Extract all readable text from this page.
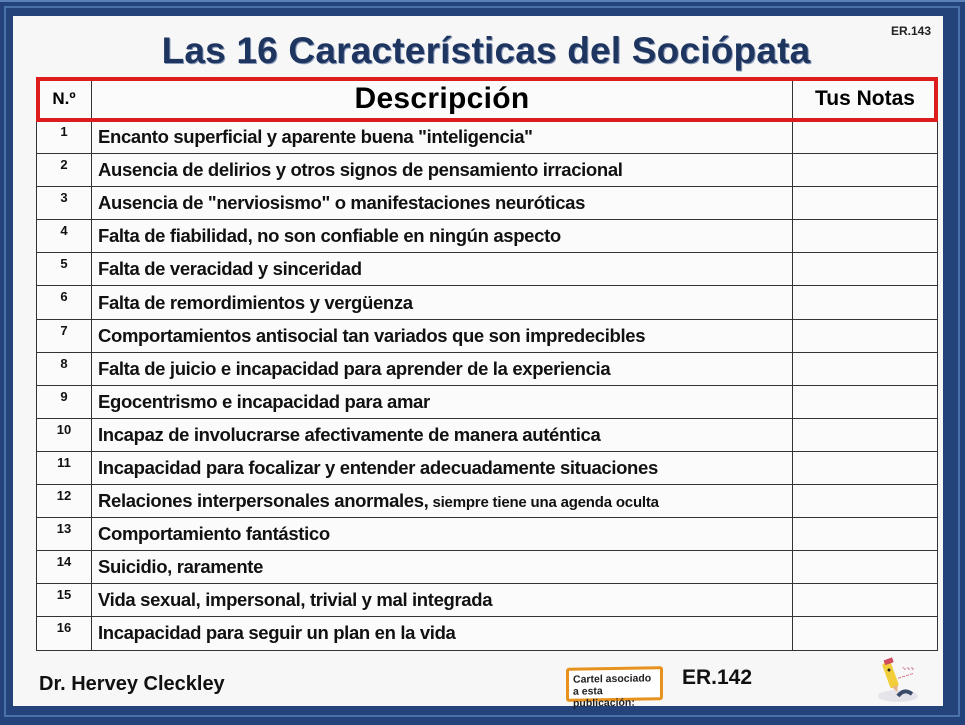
Las 16 Características del Sociópata	ER.143
N.º	Descripción	Tus Notas
1	Encanto superficial y aparente buena "inteligencia"	
2	Ausencia de delirios y otros signos de pensamiento irracional	
3	Ausencia de "nerviosismo" o manifestaciones neuróticas	
4	Falta de fiabilidad, no son confiable en ningún aspecto	
5	Falta de veracidad y sinceridad	
6	Falta de remordimientos y vergüenza	
7	Comportamientos antisocial tan variados que son impredecibles	
8	Falta de juicio e incapacidad para aprender de la experiencia	
9	Egocentrismo e incapacidad para amar	
10	Incapaz de involucrarse afectivamente de manera auténtica	
11	Incapacidad para focalizar y entender adecuadamente situaciones	
12	Relaciones interpersonales anormales, siempre tiene una agenda oculta	
13	Comportamiento fantástico	
14	Suicidio, raramente	
15	Vida sexual, impersonal, trivial y mal integrada	
16	Incapacidad para seguir un plan en la vida	
Dr. Hervey Cleckley	Cartel asociado
a esta publicación:
ER.142	∿∿∿
~~~~
